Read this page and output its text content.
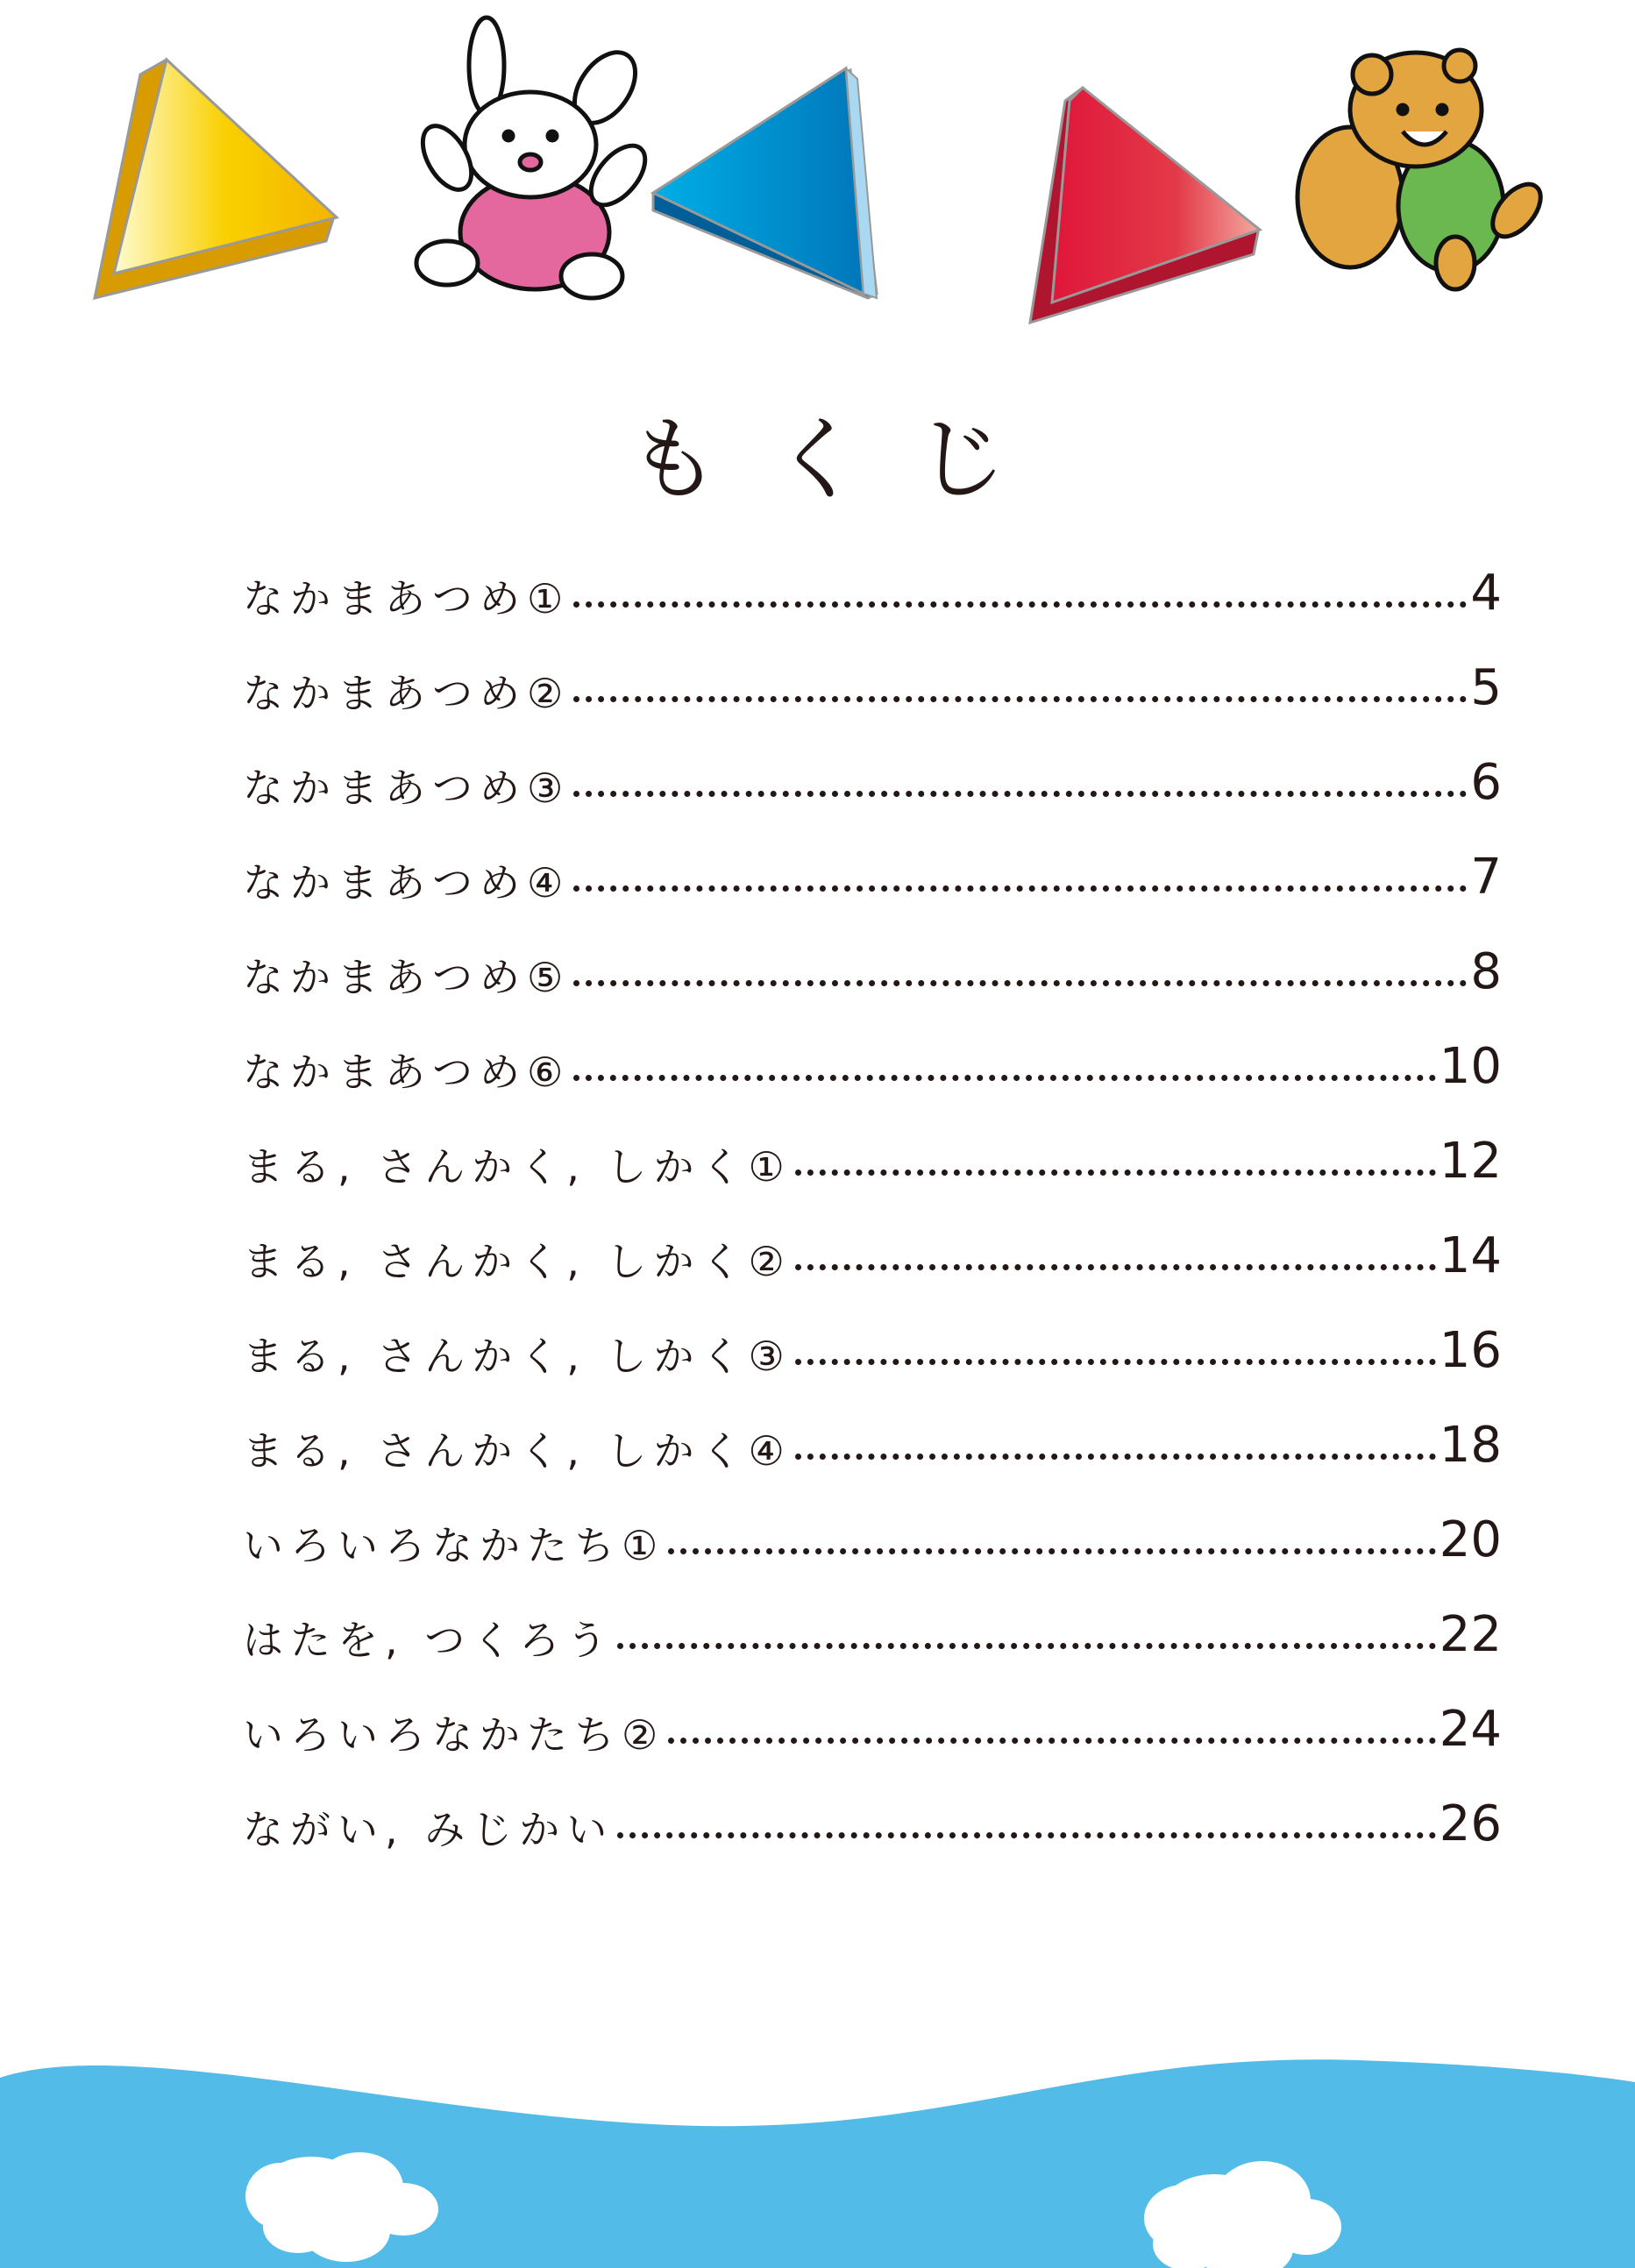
もくじ
なかまあつめ①	4
なかまあつめ②	5
なかまあつめ③	6
なかまあつめ④	7
なかまあつめ⑤	8
なかまあつめ⑥	10
まる, さんかく, しかく①	12
まる, さんかく, しかく②	14
まる, さんかく, しかく③	16
まる, さんかく, しかく④	18
いろいろなかたち①	20
はたを, つくろう	22
いろいろなかたち②	24
ながい, みじかい	26
